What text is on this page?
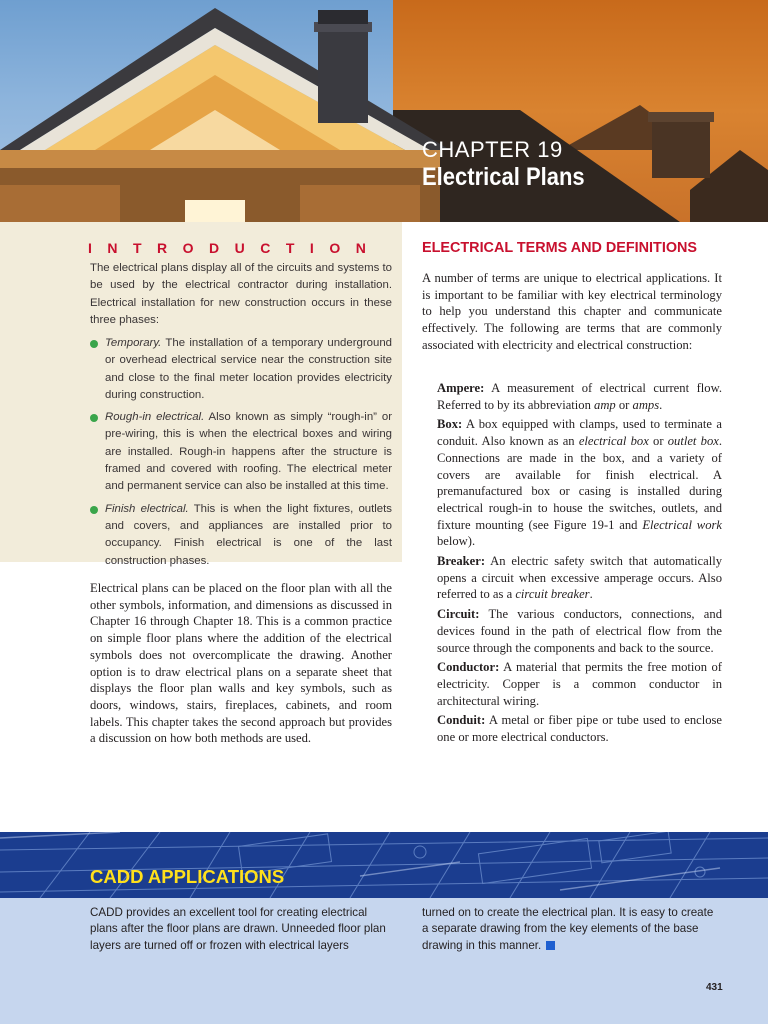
CHAPTER 19
Electrical Plans
INTRODUCTION
The electrical plans display all of the circuits and systems to be used by the electrical contractor during installation. Electrical installation for new construction occurs in these three phases:
Temporary. The installation of a temporary underground or overhead electrical service near the construction site and close to the final meter location provides electricity during construction.
Rough-in electrical. Also known as simply “rough-in” or pre-wiring, this is when the electrical boxes and wiring are installed. Rough-in happens after the structure is framed and covered with roofing. The electrical meter and permanent service can also be installed at this time.
Finish electrical. This is when the light fixtures, outlets and covers, and appliances are installed prior to occupancy. Finish electrical is one of the last construction phases.
Electrical plans can be placed on the floor plan with all the other symbols, information, and dimensions as discussed in Chapter 16 through Chapter 18. This is a common practice on simple floor plans where the addition of the electrical symbols does not overcomplicate the drawing. Another option is to draw electrical plans on a separate sheet that displays the floor plan walls and key symbols, such as doors, windows, stairs, fireplaces, cabinets, and room labels. This chapter takes the second approach but provides a discussion on how both methods are used.
ELECTRICAL TERMS AND DEFINITIONS
A number of terms are unique to electrical applications. It is important to be familiar with key electrical terminology to help you understand this chapter and communicate effectively. The following are terms that are commonly associated with electricity and electrical construction:
Ampere: A measurement of electrical current flow. Referred to by its abbreviation amp or amps.
Box: A box equipped with clamps, used to terminate a conduit. Also known as an electrical box or outlet box. Connections are made in the box, and a variety of covers are available for finish electrical. A premanufactured box or casing is installed during electrical rough-in to house the switches, outlets, and fixture mounting (see Figure 19-1 and Electrical work below).
Breaker: An electric safety switch that automatically opens a circuit when excessive amperage occurs. Also referred to as a circuit breaker.
Circuit: The various conductors, connections, and devices found in the path of electrical flow from the source through the components and back to the source.
Conductor: A material that permits the free motion of electricity. Copper is a common conductor in architectural wiring.
Conduit: A metal or fiber pipe or tube used to enclose one or more electrical conductors.
CADD APPLICATIONS
CADD provides an excellent tool for creating electrical plans after the floor plans are drawn. Unneeded floor plan layers are turned off or frozen with electrical layers
turned on to create the electrical plan. It is easy to create a separate drawing from the key elements of the base drawing in this manner.
431
